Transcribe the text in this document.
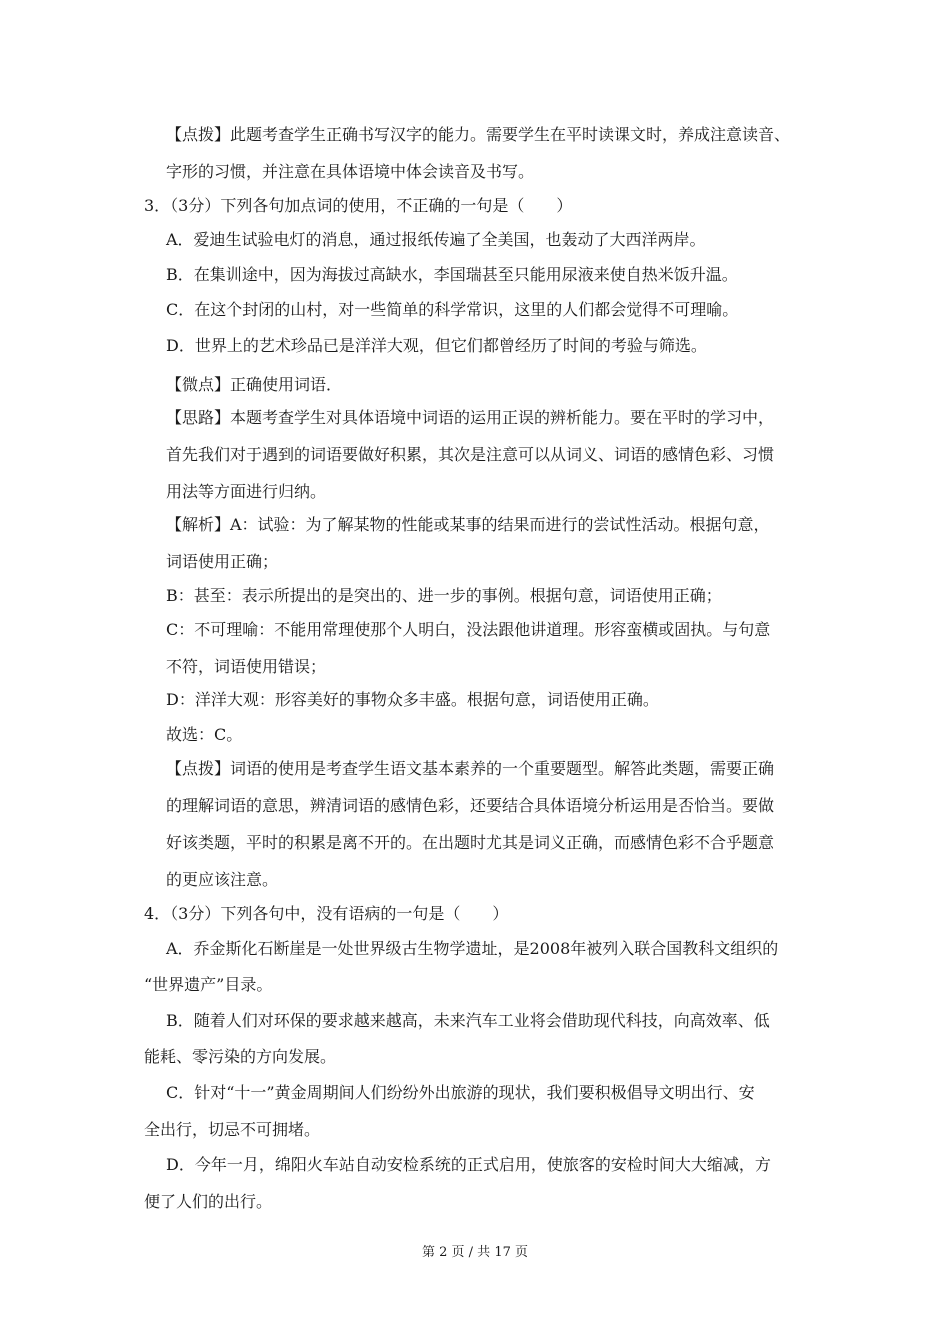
【点拨】此题考查学生正确书写汉字的能力。需要学生在平时读课文时，养成注意读音、
字形的习惯，并注意在具体语境中体会读音及书写。
3．（3分）下列各句加点词的使用，不正确的一句是（　　）
A．爱迪生试验电灯的消息，通过报纸传遍了全美国，也轰动了大西洋两岸。
B．在集训途中，因为海拔过高缺水，李国瑞甚至只能用尿液来使自热米饭升温。
C．在这个封闭的山村，对一些简单的科学常识，这里的人们都会觉得不可理喻。
D．世界上的艺术珍品已是洋洋大观，但它们都曾经历了时间的考验与筛选。
【微点】正确使用词语．
【思路】本题考查学生对具体语境中词语的运用正误的辨析能力。要在平时的学习中，
首先我们对于遇到的词语要做好积累，其次是注意可以从词义、词语的感情色彩、习惯
用法等方面进行归纳。
【解析】A：试验：为了解某物的性能或某事的结果而进行的尝试性活动。根据句意，
词语使用正确；
B：甚至：表示所提出的是突出的、进一步的事例。根据句意，词语使用正确；
C：不可理喻：不能用常理使那个人明白，没法跟他讲道理。形容蛮横或固执。与句意
不符，词语使用错误；
D：洋洋大观：形容美好的事物众多丰盛。根据句意，词语使用正确。
故选：C。
【点拨】词语的使用是考查学生语文基本素养的一个重要题型。解答此类题，需要正确
的理解词语的意思，辨清词语的感情色彩，还要结合具体语境分析运用是否恰当。要做
好该类题，平时的积累是离不开的。在出题时尤其是词义正确，而感情色彩不合乎题意
的更应该注意。
4．（3分）下列各句中，没有语病的一句是（　　）
A．乔金斯化石断崖是一处世界级古生物学遗址，是2008年被列入联合国教科文组织的
“世界遗产”目录。
B．随着人们对环保的要求越来越高，未来汽车工业将会借助现代科技，向高效率、低
能耗、零污染的方向发展。
C．针对“十一”黄金周期间人们纷纷外出旅游的现状，我们要积极倡导文明出行、安
全出行，切忌不可拥堵。
D．今年一月，绵阳火车站自动安检系统的正式启用，使旅客的安检时间大大缩减，方
便了人们的出行。
第 2 页 / 共 17 页
